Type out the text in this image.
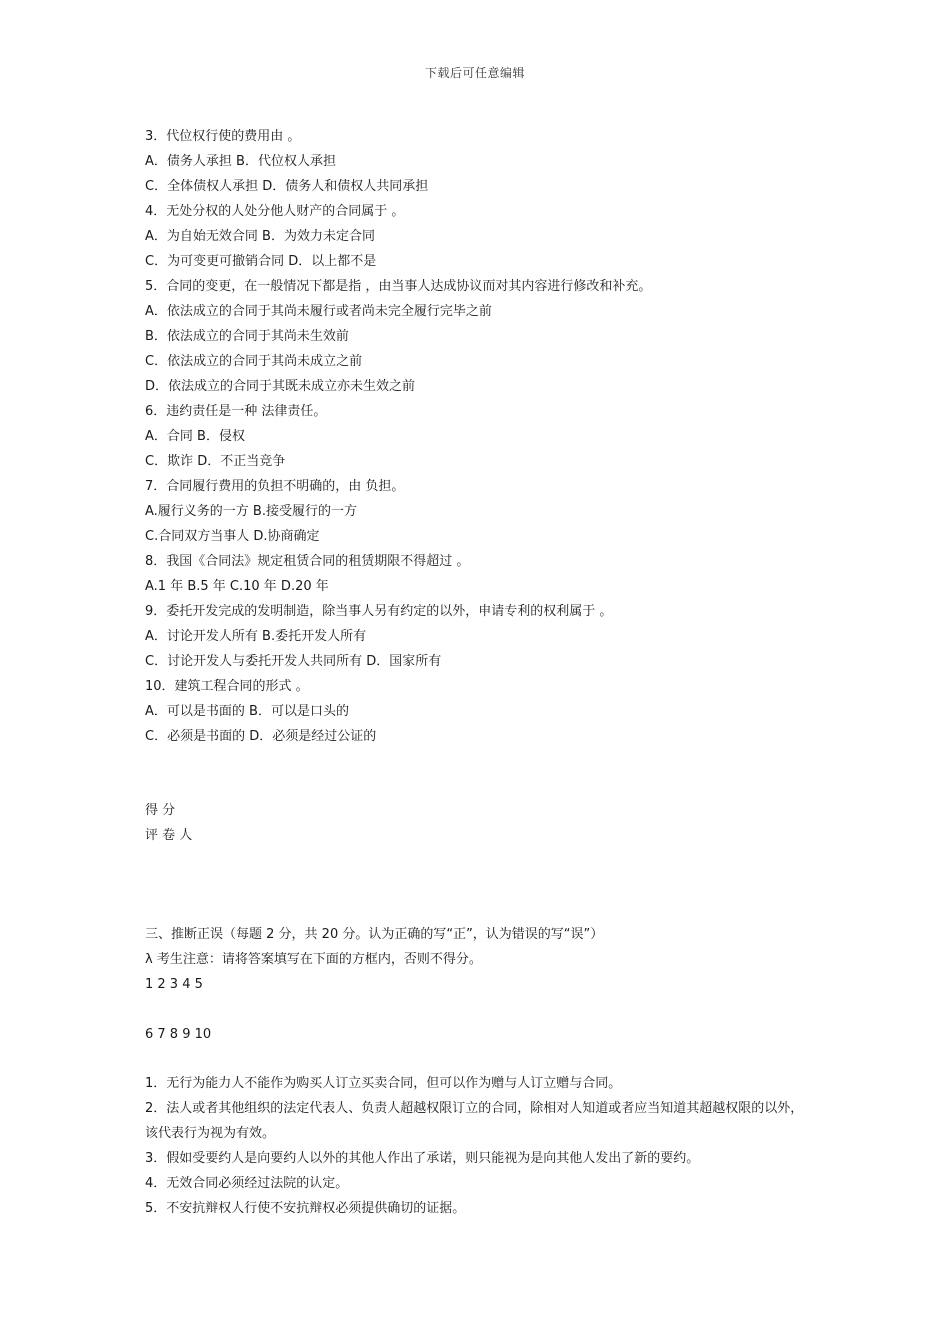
下载后可任意编辑
3．代位权行使的费用由 。
A．债务人承担 B．代位权人承担
C．全体债权人承担 D．债务人和债权人共同承担
4．无处分权的人处分他人财产的合同属于 。
A．为自始无效合同 B．为效力未定合同
C．为可变更可撤销合同 D．以上都不是
5．合同的变更，在一般情况下都是指 ，由当事人达成协议而对其内容进行修改和补充。
A．依法成立的合同于其尚未履行或者尚未完全履行完毕之前
B．依法成立的合同于其尚未生效前
C．依法成立的合同于其尚未成立之前
D．依法成立的合同于其既未成立亦未生效之前
6．违约责任是一种 法律责任。
A．合同 B．侵权
C．欺诈 D．不正当竞争
7．合同履行费用的负担不明确的，由 负担。
A.履行义务的一方 B.接受履行的一方
C.合同双方当事人 D.协商确定
8．我国《合同法》规定租赁合同的租赁期限不得超过 。
A.1 年 B.5 年 C.10 年 D.20 年
9．委托开发完成的发明制造，除当事人另有约定的以外，申请专利的权利属于 。
A．讨论开发人所有 B.委托开发人所有
C．讨论开发人与委托开发人共同所有 D．国家所有
10．建筑工程合同的形式 。
A．可以是书面的 B．可以是口头的
C．必须是书面的 D．必须是经过公证的
得 分
评 卷 人
三、推断正误（每题 2 分，共 20 分。认为正确的写“正”，认为错误的写“误”）
λ 考生注意：请将答案填写在下面的方框内，否则不得分。
1 2 3 4 5
6 7 8 9 10
1．无行为能力人不能作为购买人订立买卖合同，但可以作为赠与人订立赠与合同。
2．法人或者其他组织的法定代表人、负责人超越权限订立的合同，除相对人知道或者应当知道其超越权限的以外，该代表行为视为有效。
3．假如受要约人是向要约人以外的其他人作出了承诺，则只能视为是向其他人发出了新的要约。
4．无效合同必须经过法院的认定。
5．不安抗辩权人行使不安抗辩权必须提供确切的证据。
